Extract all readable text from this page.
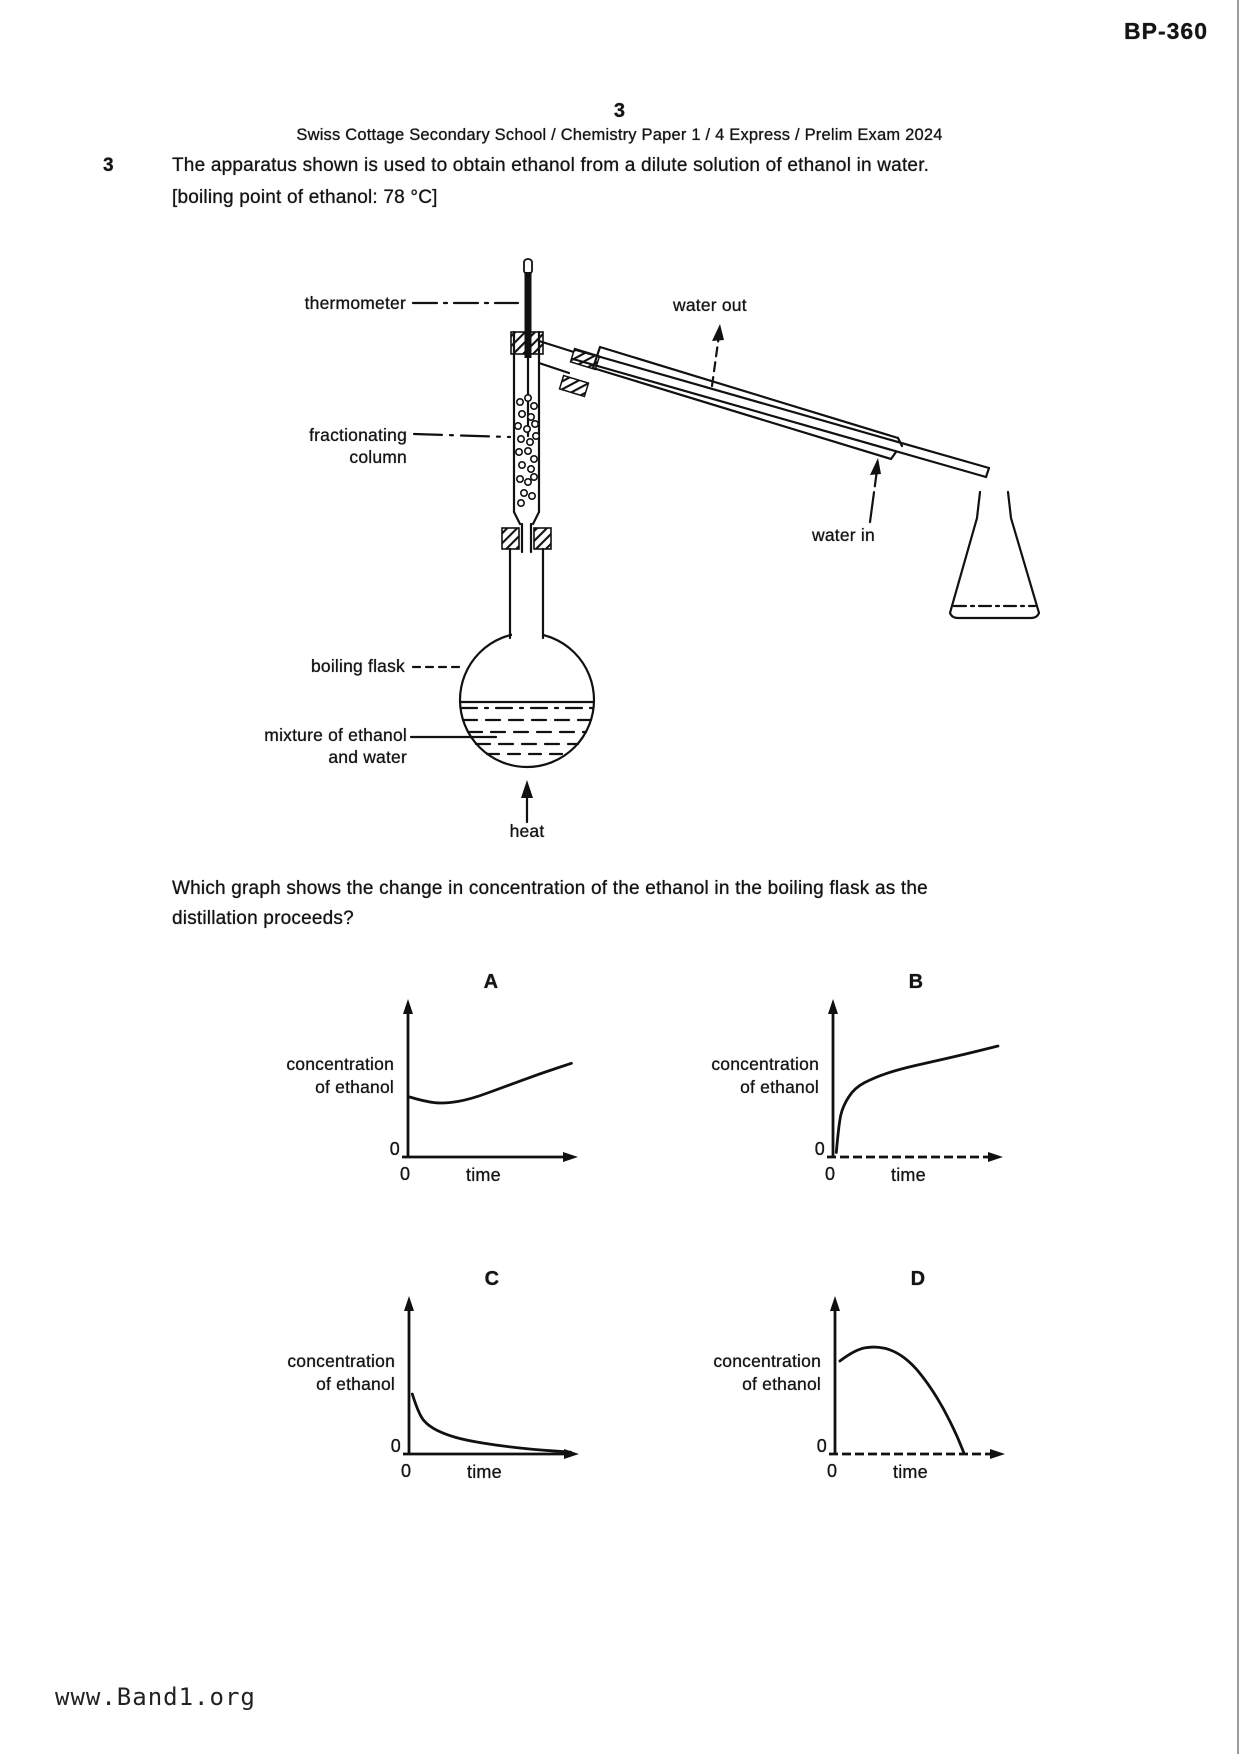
BP-360
3
Swiss Cottage Secondary School / Chemistry Paper 1 / 4 Express / Prelim Exam 2024
3	The apparatus shown is used to obtain ethanol from a dilute solution of ethanol in water.
[boiling point of ethanol: 78 °C]
thermometer	water out
fractionating
column
water in
boiling flask
mixture of ethanol
and water
heat
Which graph shows the change in concentration of the ethanol in the boiling flask as the
distillation proceeds?
A
concentration
of ethanol
0
0	time
B
concentration
of ethanol
0
0	time
C
concentration
of ethanol
0
0	time
D
concentration
of ethanol
0
0	time
www.Band1.org
